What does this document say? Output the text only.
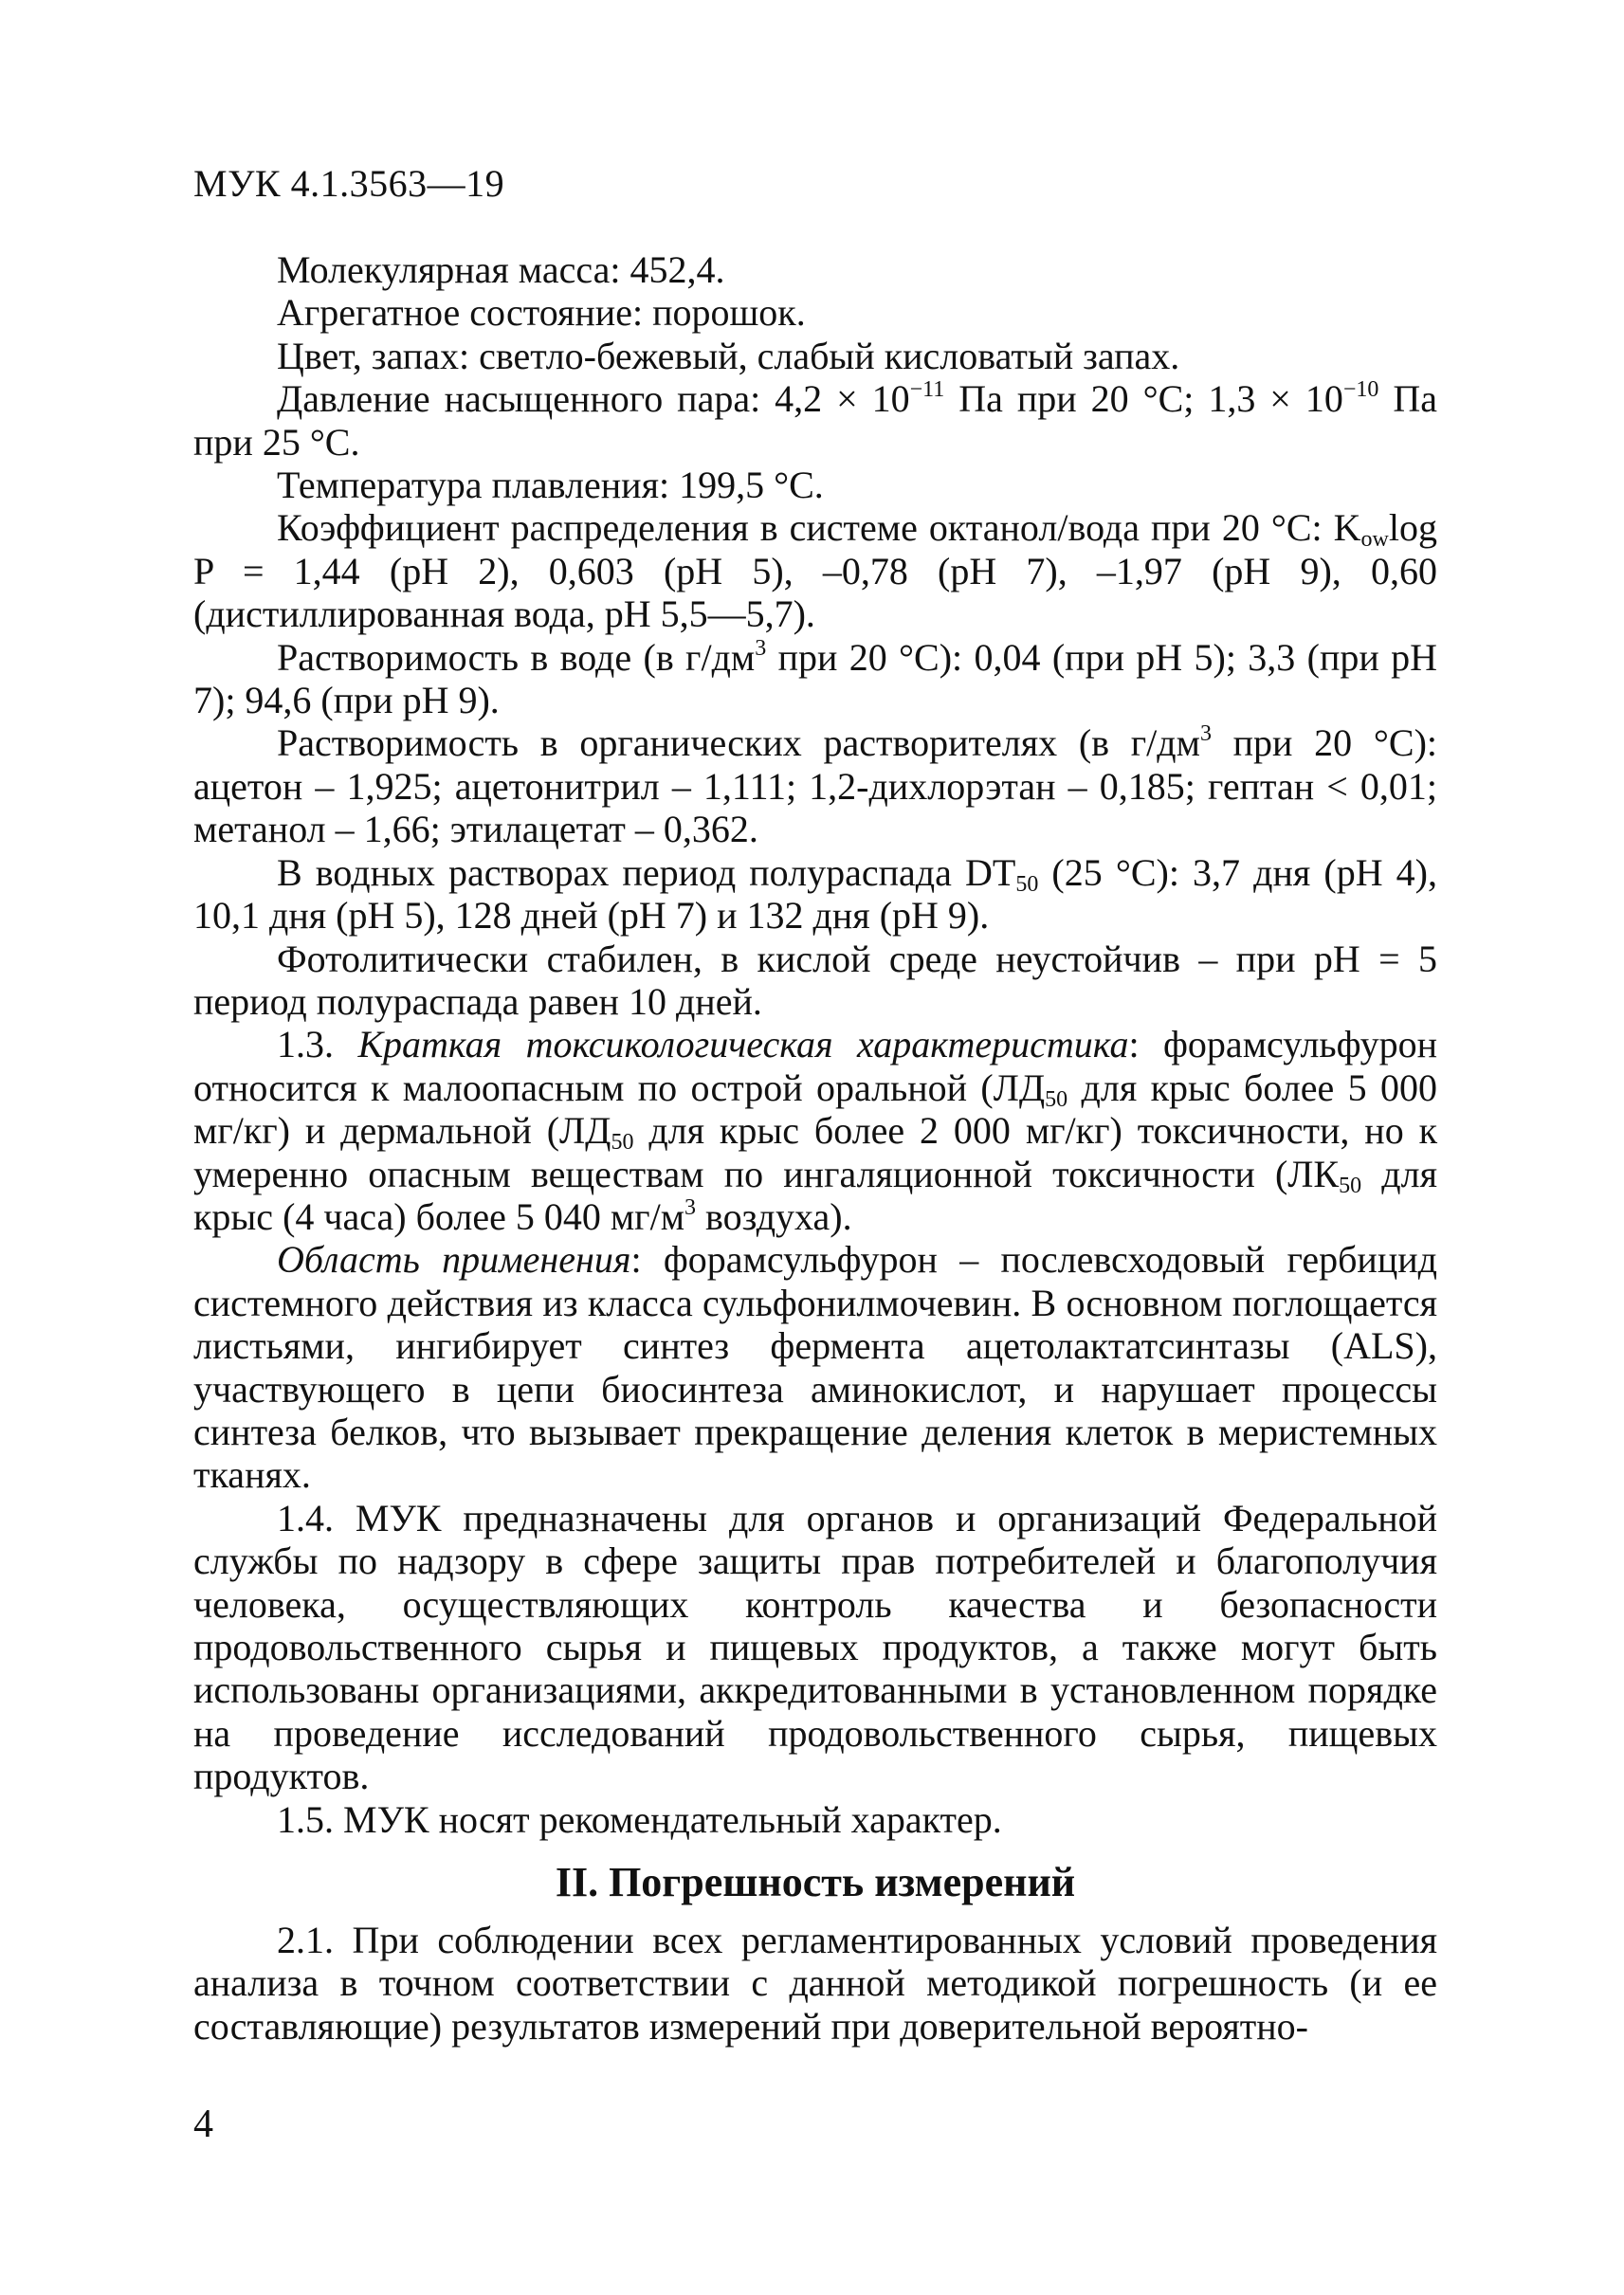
МУК 4.1.3563—19

Молекулярная масса: 452,4.

Агрегатное состояние: порошок.

Цвет, запах: светло-бежевый, слабый кисловатый запах.

Давление насыщенного пара: $4,2 \times 10^{-11}$ Па при 20 °С; $1,3 \times 10^{-10}$ Па при 25 °С.

Температура плавления: 199,5 °С.

Коэффициент распределения в системе октанол/вода при 20 °С: $K_{ow}\log$ P = 1,44 (pH 2), 0,603 (pH 5), –0,78 (pH 7), –1,97 (pH 9), 0,60 (дистиллированная вода, pH 5,5—5,7).

Растворимость в воде (в $г/дм^3$ при 20 °С): 0,04 (при pH 5); 3,3 (при pH 7); 94,6 (при pH 9).

Растворимость в органических растворителях (в $г/дм^3$ при 20 °С): ацетон – 1,925; ацетонитрил – 1,111; 1,2-дихлорэтан – 0,185; гептан < 0,01; метанол – 1,66; этилацетат – 0,362.

В водных растворах период полураспада $DT_{50}$ (25 °С): 3,7 дня (pH 4), 10,1 дня (pH 5), 128 дней (pH 7) и 132 дня (pH 9).

Фотолитически стабилен, в кислой среде неустойчив – при pH = 5 период полураспада равен 10 дней.

1.3. Краткая токсикологическая характеристика: форамсульфурон относится к малоопасным по острой оральной ($ЛД_{50}$ для крыс более 5 000 мг/кг) и дермальной ($ЛД_{50}$ для крыс более 2 000 мг/кг) токсичности, но к умеренно опасным веществам по ингаляционной токсичности ($ЛК_{50}$ для крыс (4 часа) более 5 040 $мг/м^3$ воздуха).

Область применения: форамсульфурон – послевсходовый гербицид системного действия из класса сульфонилмочевин. В основном поглощается листьями, ингибирует синтез фермента ацетолактатсинтазы (ALS), участвующего в цепи биосинтеза аминокислот, и нарушает процессы синтеза белков, что вызывает прекращение деления клеток в меристемных тканях.

1.4. МУК предназначены для органов и организаций Федеральной службы по надзору в сфере защиты прав потребителей и благополучия человека, осуществляющих контроль качества и безопасности продовольственного сырья и пищевых продуктов, а также могут быть использованы организациями, аккредитованными в установленном порядке на проведение исследований продовольственного сырья, пищевых продуктов.

1.5. МУК носят рекомендательный характер.

II. Погрешность измерений

2.1. При соблюдении всех регламентированных условий проведения анализа в точном соответствии с данной методикой погрешность (и ее составляющие) результатов измерений при доверительной вероятно-

4
